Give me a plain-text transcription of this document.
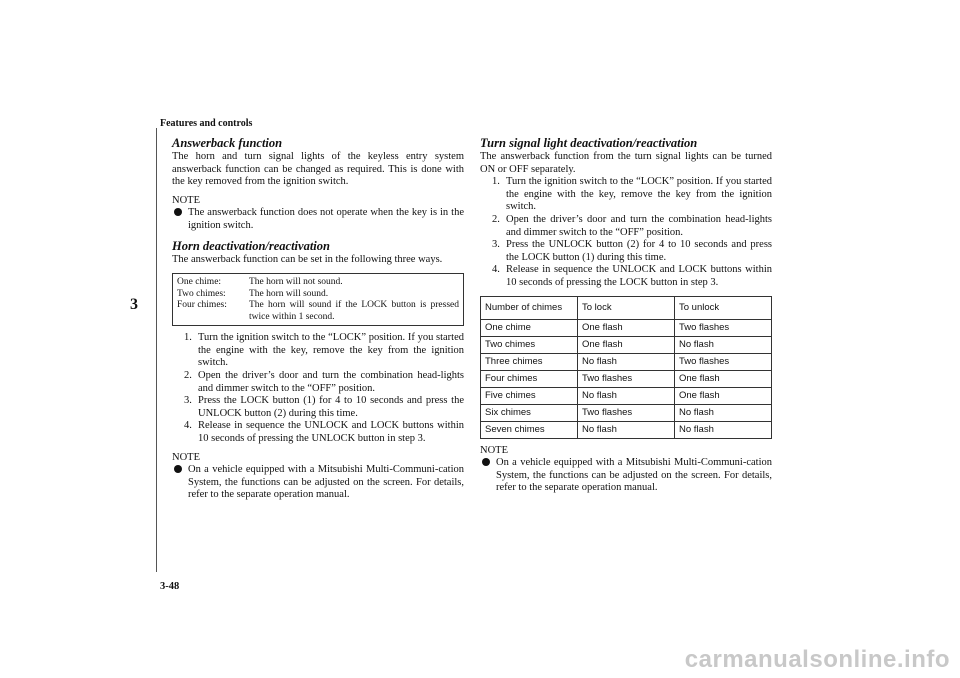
Features and controls
3
3-48
Answerback function

The horn and turn signal lights of the keyless entry system answerback function can be changed as required. This is done with the key removed from the ignition switch.

NOTE
The answerback function does not operate when the key is in the ignition switch.
Horn deactivation/reactivation

The answerback function can be set in the following three ways.

One chime:	The horn will not sound.
Two chimes:	The horn will sound.
Four chimes:	The horn will sound if the LOCK button is pressed twice within 1 second.
1. Turn the ignition switch to the “LOCK” position. If you started the engine with the key, remove the key from the ignition switch.
2. Open the driver’s door and turn the combination head-lights and dimmer switch to the “OFF” position.
3. Press the LOCK button (1) for 4 to 10 seconds and press the UNLOCK button (2) during this time.
4. Release in sequence the UNLOCK and LOCK buttons within 10 seconds of pressing the UNLOCK button in step 3.
NOTE
On a vehicle equipped with a Mitsubishi Multi-Communi-cation System, the functions can be adjusted on the screen. For details, refer to the separate operation manual.
Turn signal light deactivation/reactivation

The answerback function from the turn signal lights can be turned ON or OFF separately.

1. Turn the ignition switch to the “LOCK” position. If you started the engine with the key, remove the key from the ignition switch.
2. Open the driver’s door and turn the combination head-lights and dimmer switch to the “OFF” position.
3. Press the UNLOCK button (2) for 4 to 10 seconds and press the LOCK button (1) during this time.
4. Release in sequence the UNLOCK and LOCK buttons within 10 seconds of pressing the LOCK button in step 3.
Number of chimes	To lock	To unlock
One chime	One flash	Two flashes
Two chimes	One flash	No flash
Three chimes	No flash	Two flashes
Four chimes	Two flashes	One flash
Five chimes	No flash	One flash
Six chimes	Two flashes	No flash
Seven chimes	No flash	No flash
NOTE
On a vehicle equipped with a Mitsubishi Multi-Communi-cation System, the functions can be adjusted on the screen. For details, refer to the separate operation manual.
carmanualsonline.info
